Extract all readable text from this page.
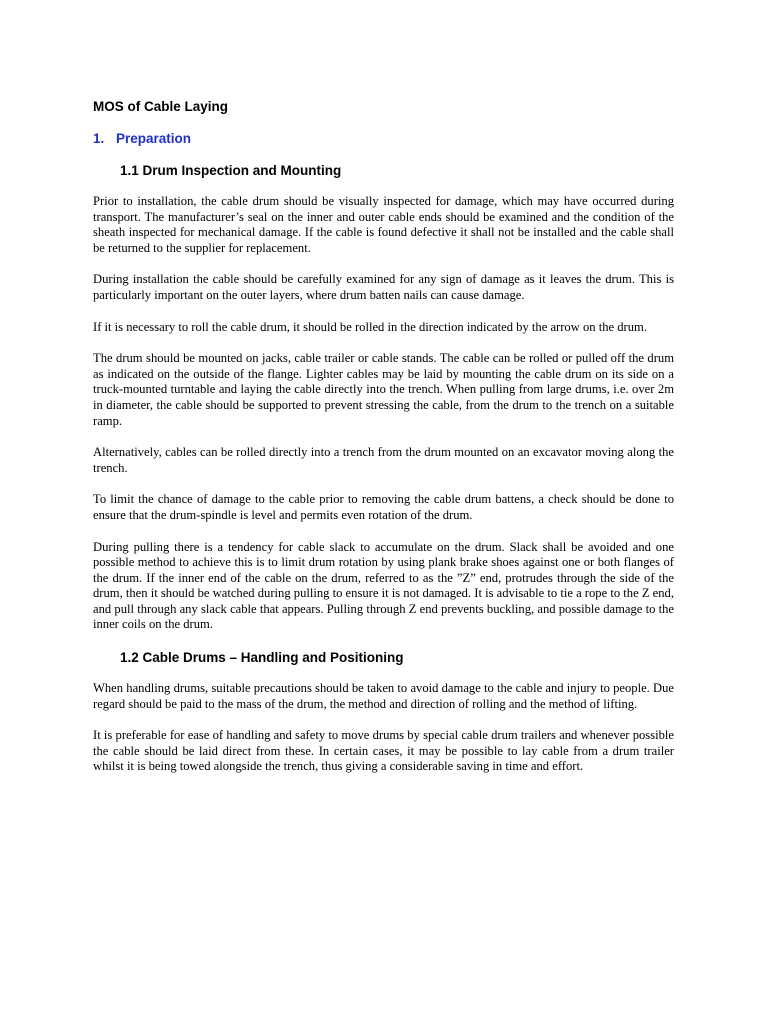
MOS of Cable Laying
1. Preparation
1.1 Drum Inspection and Mounting

Prior to installation, the cable drum should be visually inspected for damage, which may have occurred during transport. The manufacturer’s seal on the inner and outer cable ends should be examined and the condition of the sheath inspected for mechanical damage. If the cable is found defective it shall not be installed and the cable shall be returned to the supplier for replacement.

During installation the cable should be carefully examined for any sign of damage as it leaves the drum. This is particularly important on the outer layers, where drum batten nails can cause damage.

If it is necessary to roll the cable drum, it should be rolled in the direction indicated by the arrow on the drum.

The drum should be mounted on jacks, cable trailer or cable stands. The cable can be rolled or pulled off the drum as indicated on the outside of the flange. Lighter cables may be laid by mounting the cable drum on its side on a truck-mounted turntable and laying the cable directly into the trench. When pulling from large drums, i.e. over 2m in diameter, the cable should be supported to prevent stressing the cable, from the drum to the trench on a suitable ramp.

Alternatively, cables can be rolled directly into a trench from the drum mounted on an excavator moving along the trench.

To limit the chance of damage to the cable prior to removing the cable drum battens, a check should be done to ensure that the drum-spindle is level and permits even rotation of the drum.

During pulling there is a tendency for cable slack to accumulate on the drum. Slack shall be avoided and one possible method to achieve this is to limit drum rotation by using plank brake shoes against one or both flanges of the drum. If the inner end of the cable on the drum, referred to as the ”Z” end, protrudes through the side of the drum, then it should be watched during pulling to ensure it is not damaged. It is advisable to tie a rope to the Z end, and pull through any slack cable that appears. Pulling through Z end prevents buckling, and possible damage to the inner coils on the drum.

1.2 Cable Drums – Handling and Positioning

When handling drums, suitable precautions should be taken to avoid damage to the cable and injury to people. Due regard should be paid to the mass of the drum, the method and direction of rolling and the method of lifting.

It is preferable for ease of handling and safety to move drums by special cable drum trailers and whenever possible the cable should be laid direct from these. In certain cases, it may be possible to lay cable from a drum trailer whilst it is being towed alongside the trench, thus giving a considerable saving in time and effort.
